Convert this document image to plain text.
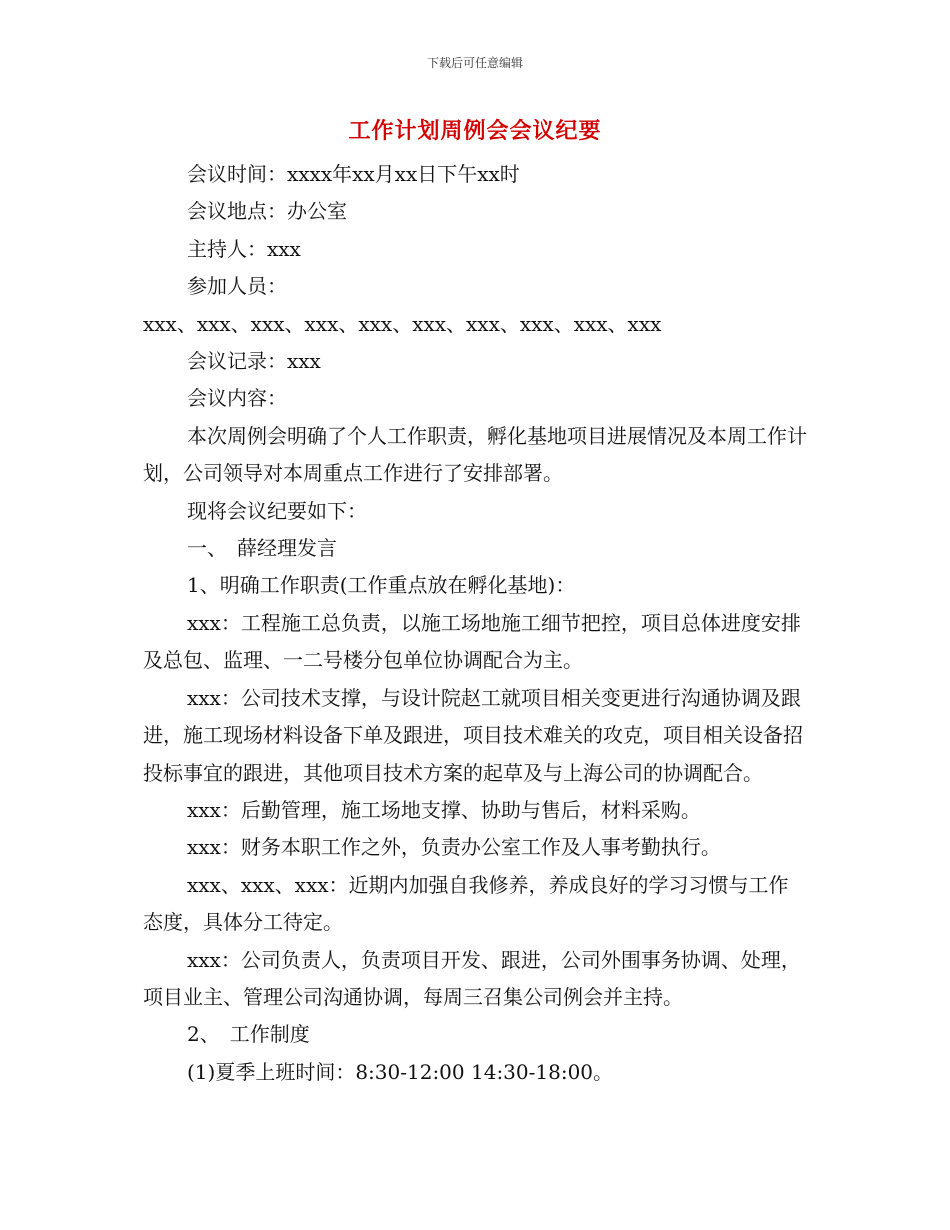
下载后可任意编辑
工作计划周例会会议纪要

会议时间：xxxx年xx月xx日下午xx时

会议地点：办公室

主持人：xxx

参加人员：

xxx、xxx、xxx、xxx、xxx、xxx、xxx、xxx、xxx、xxx

会议记录：xxx

会议内容：

本次周例会明确了个人工作职责，孵化基地项目进展情况及本周工作计划，公司领导对本周重点工作进行了安排部署。

现将会议纪要如下：

一、　薛经理发言

1、明确工作职责(工作重点放在孵化基地)：

xxx：工程施工总负责，以施工场地施工细节把控，项目总体进度安排及总包、监理、一二号楼分包单位协调配合为主。

xxx：公司技术支撑，与设计院赵工就项目相关变更进行沟通协调及跟进，施工现场材料设备下单及跟进，项目技术难关的攻克，项目相关设备招投标事宜的跟进，其他项目技术方案的起草及与上海公司的协调配合。

xxx：后勤管理，施工场地支撑、协助与售后，材料采购。

xxx：财务本职工作之外，负责办公室工作及人事考勤执行。

xxx、xxx、xxx：近期内加强自我修养，养成良好的学习习惯与工作态度，具体分工待定。

xxx：公司负责人，负责项目开发、跟进，公司外围事务协调、处理，项目业主、管理公司沟通协调，每周三召集公司例会并主持。

2、　工作制度

(1)夏季上班时间：8:30-12:00 14:30-18:00。
